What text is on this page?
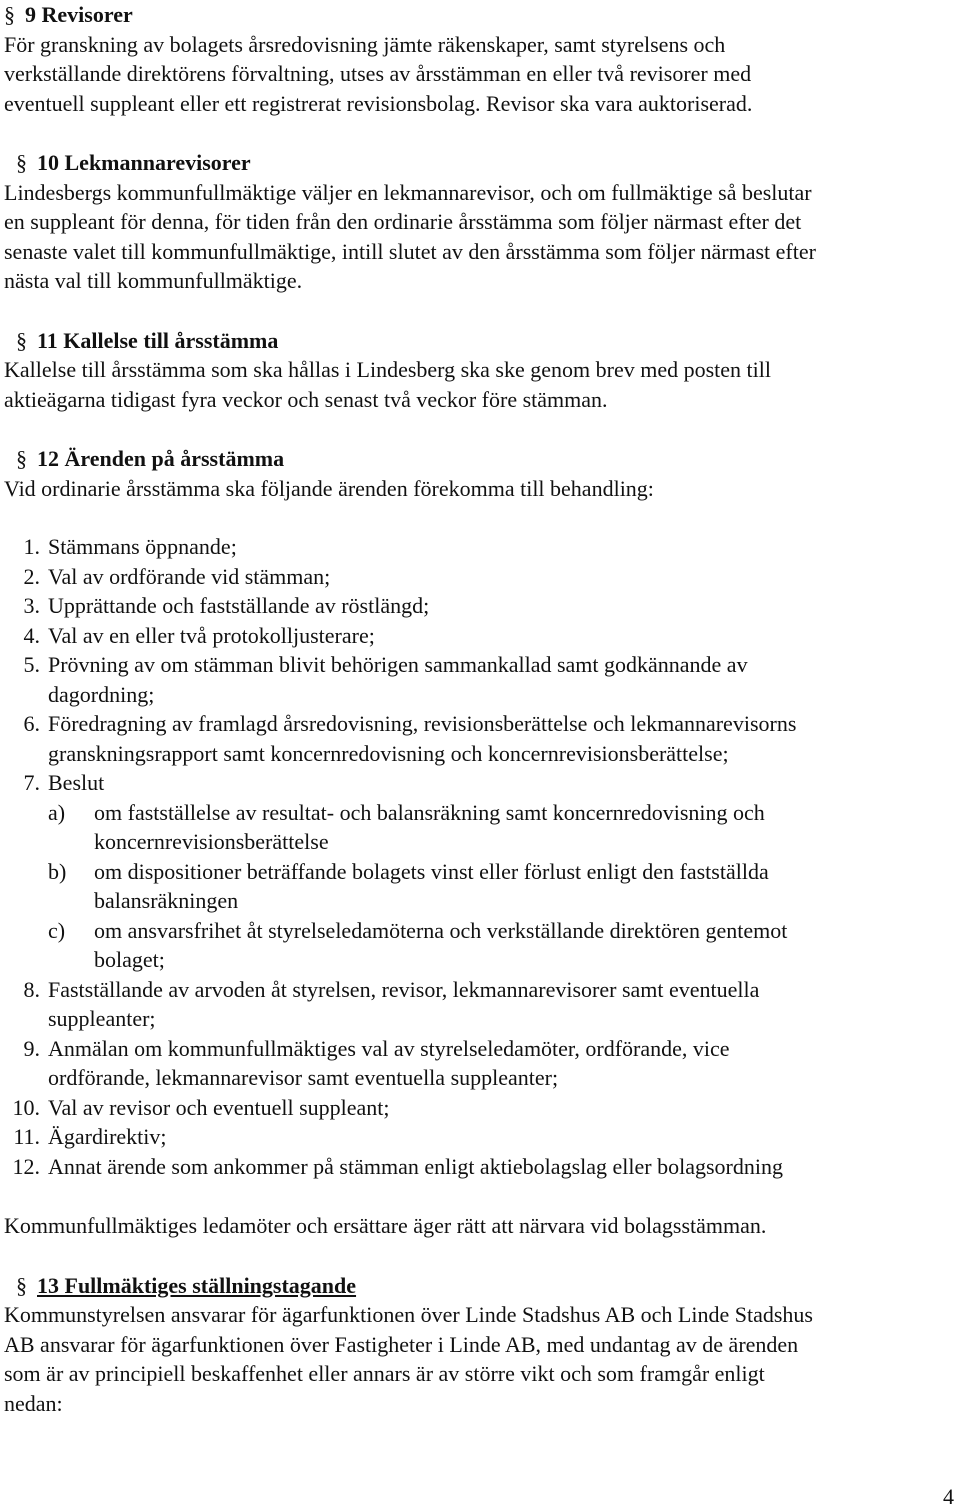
§ 9 Revisorer
För granskning av bolagets årsredovisning jämte räkenskaper, samt styrelsens och
verkställande direktörens förvaltning, utses av årsstämman en eller två revisorer med
eventuell suppleant eller ett registrerat revisionsbolag. Revisor ska vara auktoriserad.
§ 10 Lekmannarevisorer
Lindesbergs kommunfullmäktige väljer en lekmannarevisor, och om fullmäktige så beslutar
en suppleant för denna, för tiden från den ordinarie årsstämma som följer närmast efter det
senaste valet till kommunfullmäktige, intill slutet av den årsstämma som följer närmast efter
nästa val till kommunfullmäktige.
§ 11 Kallelse till årsstämma
Kallelse till årsstämma som ska hållas i Lindesberg ska ske genom brev med posten till
aktieägarna tidigast fyra veckor och senast två veckor före stämman.
§ 12 Ärenden på årsstämma
Vid ordinarie årsstämma ska följande ärenden förekomma till behandling:
1. Stämmans öppnande;
2. Val av ordförande vid stämman;
3. Upprättande och fastställande av röstlängd;
4. Val av en eller två protokolljusterare;
5. Prövning av om stämman blivit behörigen sammankallad samt godkännande av
dagordning;
6. Föredragning av framlagd årsredovisning, revisionsberättelse och lekmannarevisorns
granskningsrapport samt koncernredovisning och koncernrevisionsberättelse;
7. Beslut
a) om fastställelse av resultat- och balansräkning samt koncernredovisning och
koncernrevisionsberättelse
b) om dispositioner beträffande bolagets vinst eller förlust enligt den fastställda
balansräkningen
c) om ansvarsfrihet åt styrelseledamöterna och verkställande direktören gentemot
bolaget;
8. Fastställande av arvoden åt styrelsen, revisor, lekmannarevisorer samt eventuella
suppleanter;
9. Anmälan om kommunfullmäktiges val av styrelseledamöter, ordförande, vice
ordförande, lekmannarevisor samt eventuella suppleanter;
10. Val av revisor och eventuell suppleant;
11. Ägardirektiv;
12. Annat ärende som ankommer på stämman enligt aktiebolagslag eller bolagsordning
Kommunfullmäktiges ledamöter och ersättare äger rätt att närvara vid bolagsstämman.
§ 13 Fullmäktiges ställningstagande
Kommunstyrelsen ansvarar för ägarfunktionen över Linde Stadshus AB och Linde Stadshus
AB ansvarar för ägarfunktionen över Fastigheter i Linde AB, med undantag av de ärenden
som är av principiell beskaffenhet eller annars är av större vikt och som framgår enligt
nedan:
4
